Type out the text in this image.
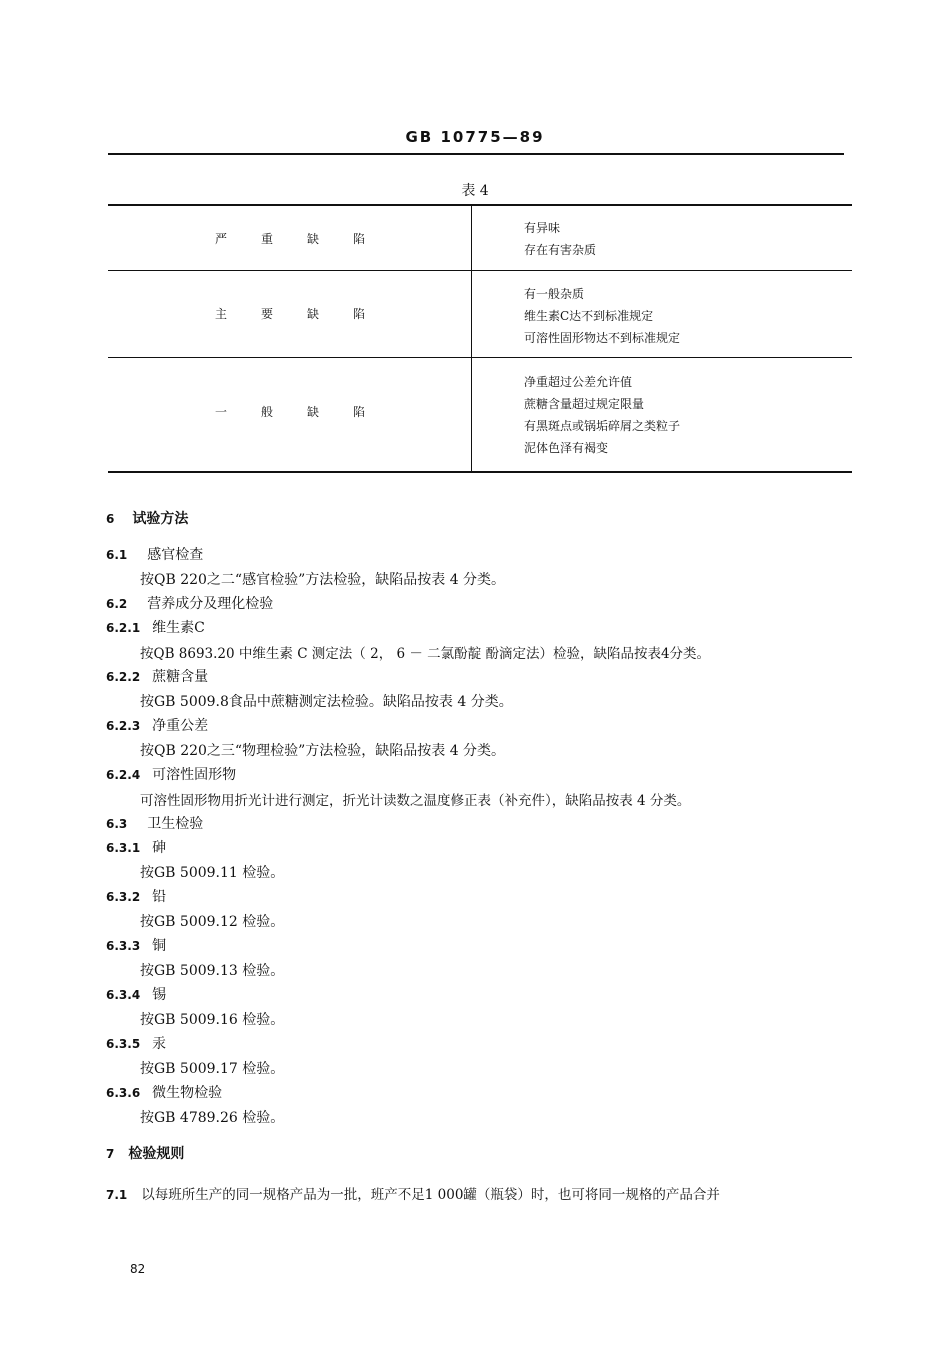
GB 10775—89
表 4
严重缺陷
有异味
存在有害杂质
主要缺陷
有一般杂质
维生素C达不到标准规定
可溶性固形物达不到标准规定
一般缺陷
净重超过公差允许值
蔗糖含量超过规定限量
有黑斑点或锅垢碎屑之类粒子
泥体色泽有褐变
6 试验方法
6.1 感官检查
按QB 220之二“感官检验”方法检验，缺陷品按表 4 分类。
6.2 营养成分及理化检验
6.2.1 维生素C
按QB 8693.20 中维生素 C 测定法（ 2， 6 － 二氯酚靛 酚滴定法）检验，缺陷品按表4分类。
6.2.2 蔗糖含量
按GB 5009.8食品中蔗糖测定法检验。缺陷品按表 4 分类。
6.2.3 净重公差
按QB 220之三“物理检验”方法检验，缺陷品按表 4 分类。
6.2.4 可溶性固形物
可溶性固形物用折光计进行测定，折光计读数之温度修正表（补充件），缺陷品按表 4 分类。
6.3 卫生检验
6.3.1 砷
按GB 5009.11 检验。
6.3.2 铅
按GB 5009.12 检验。
6.3.3 铜
按GB 5009.13 检验。
6.3.4 锡
按GB 5009.16 检验。
6.3.5 汞
按GB 5009.17 检验。
6.3.6 微生物检验
按GB 4789.26 检验。
7 检验规则
7.1 以每班所生产的同一规格产品为一批，班产不足1 000罐（瓶袋）时，也可将同一规格的产品合并
82
